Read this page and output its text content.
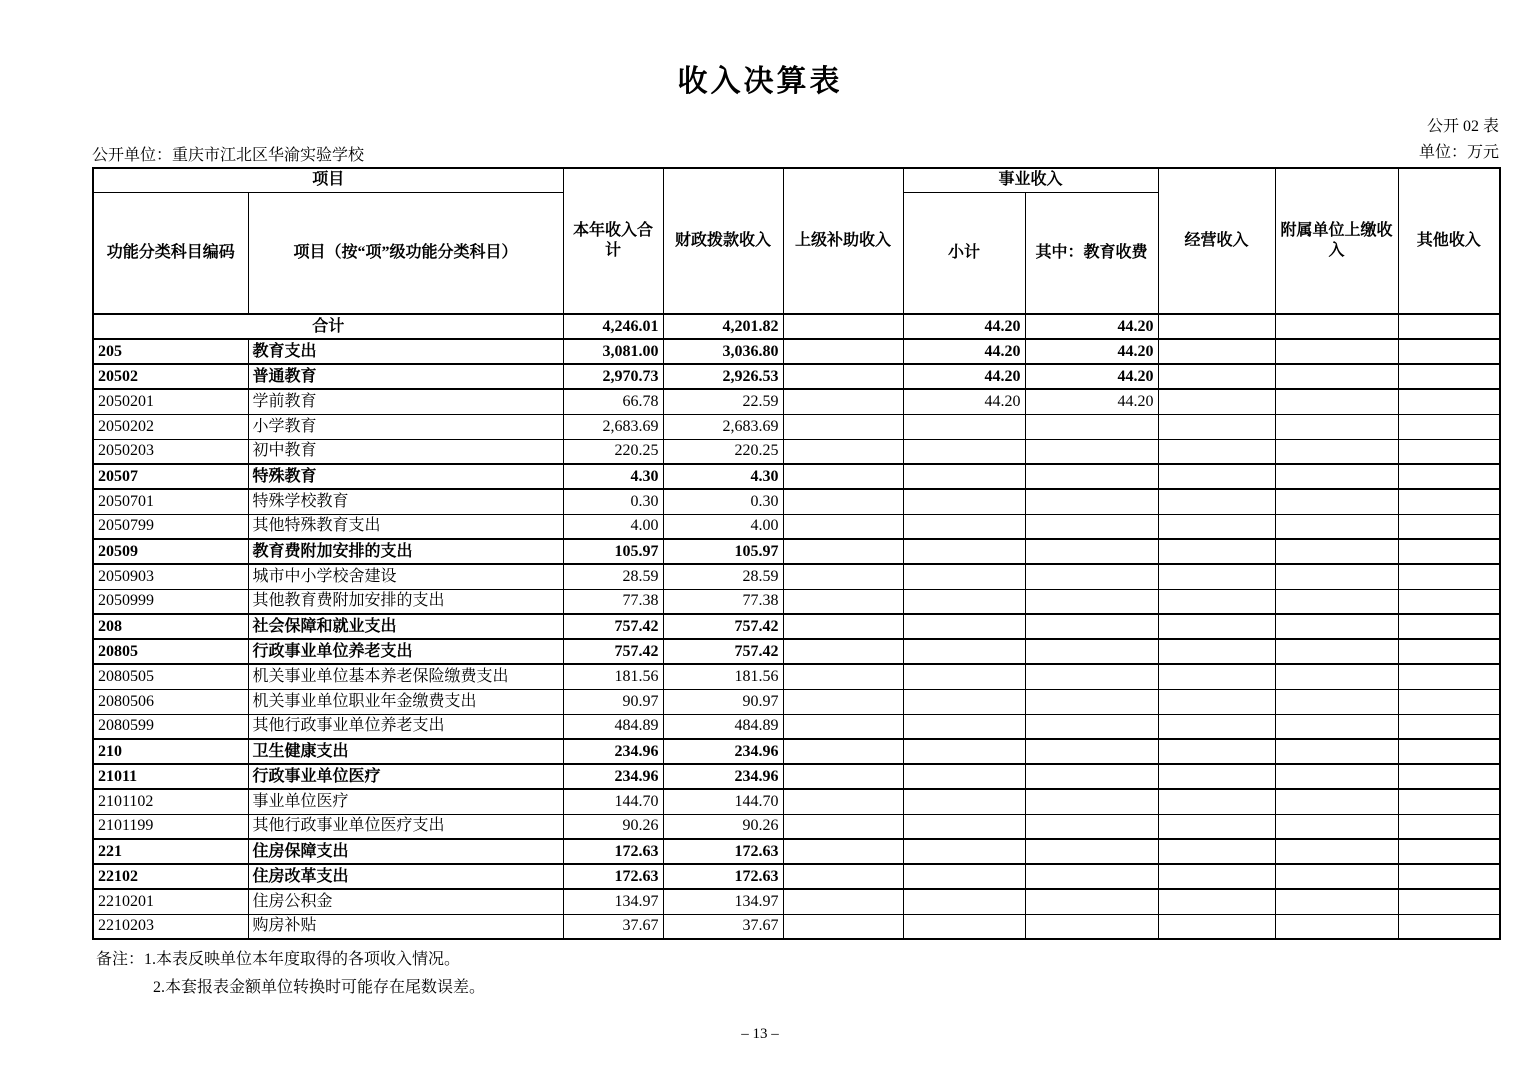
收入决算表
公开单位：重庆市江北区华渝实验学校
公开 02 表
单位：万元
项目		本年收入合计	财政拨款收入	上级补助收入	事业收入		经营收入	附属单位上缴收入	其他收入
功能分类科目编码	项目（按“项”级功能分类科目）				小计	其中：教育收费			
合计		4,246.01	4,201.82		44.20	44.20			
205	教育支出	3,081.00	3,036.80		44.20	44.20			
20502	普通教育	2,970.73	2,926.53		44.20	44.20			
2050201	学前教育	66.78	22.59		44.20	44.20			
2050202	小学教育	2,683.69	2,683.69						
2050203	初中教育	220.25	220.25						
20507	特殊教育	4.30	4.30						
2050701	特殊学校教育	0.30	0.30						
2050799	其他特殊教育支出	4.00	4.00						
20509	教育费附加安排的支出	105.97	105.97						
2050903	城市中小学校舍建设	28.59	28.59						
2050999	其他教育费附加安排的支出	77.38	77.38						
208	社会保障和就业支出	757.42	757.42						
20805	行政事业单位养老支出	757.42	757.42						
2080505	机关事业单位基本养老保险缴费支出	181.56	181.56						
2080506	机关事业单位职业年金缴费支出	90.97	90.97						
2080599	其他行政事业单位养老支出	484.89	484.89						
210	卫生健康支出	234.96	234.96						
21011	行政事业单位医疗	234.96	234.96						
2101102	事业单位医疗	144.70	144.70						
2101199	其他行政事业单位医疗支出	90.26	90.26						
221	住房保障支出	172.63	172.63						
22102	住房改革支出	172.63	172.63						
2210201	住房公积金	134.97	134.97						
2210203	购房补贴	37.67	37.67						
备注：1.本表反映单位本年度取得的各项收入情况。
2.本套报表金额单位转换时可能存在尾数误差。
– 13 –
